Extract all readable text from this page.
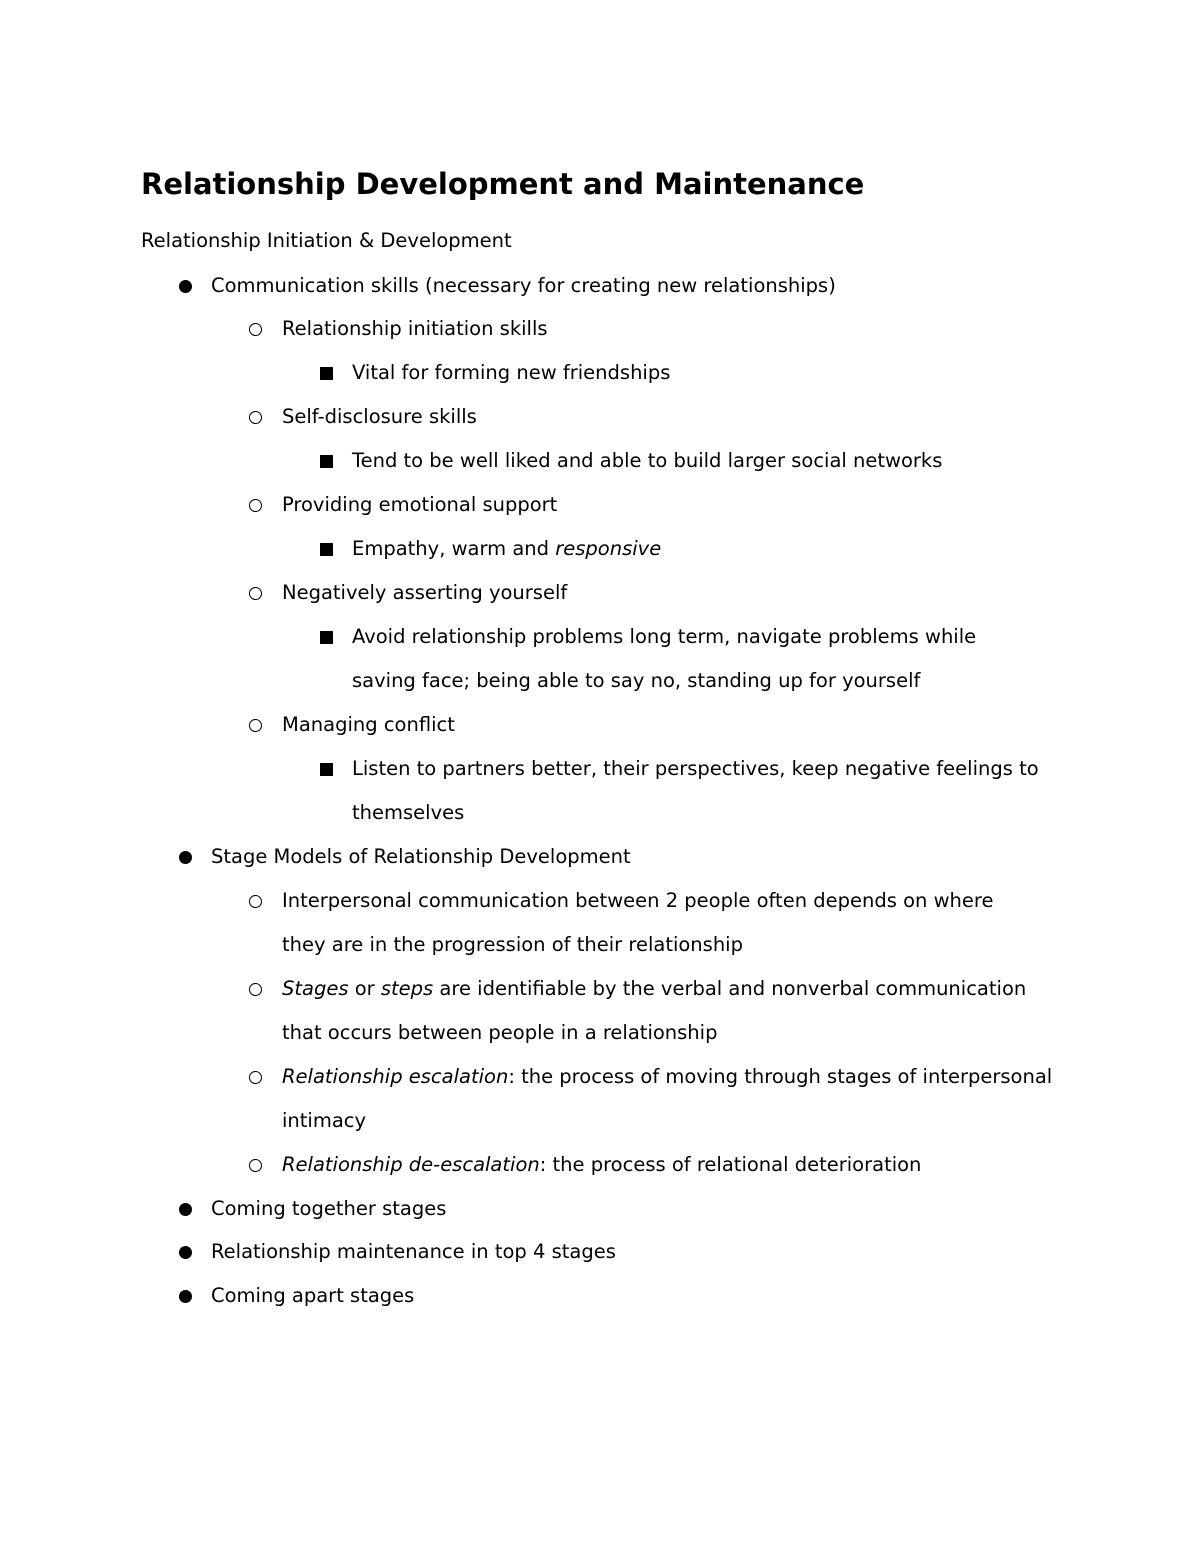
Relationship Development and Maintenance
Relationship Initiation & Development
Communication skills (necessary for creating new relationships)
Relationship initiation skills
Vital for forming new friendships
Self-disclosure skills
Tend to be well liked and able to build larger social networks
Providing emotional support
Empathy, warm and responsive
Negatively asserting yourself
Avoid relationship problems long term, navigate problems while
saving face; being able to say no, standing up for yourself
Managing conflict
Listen to partners better, their perspectives, keep negative feelings to
themselves
Stage Models of Relationship Development
Interpersonal communication between 2 people often depends on where
they are in the progression of their relationship
Stages or steps are identifiable by the verbal and nonverbal communication
that occurs between people in a relationship
Relationship escalation: the process of moving through stages of interpersonal
intimacy
Relationship de-escalation: the process of relational deterioration
Coming together stages
Relationship maintenance in top 4 stages
Coming apart stages
